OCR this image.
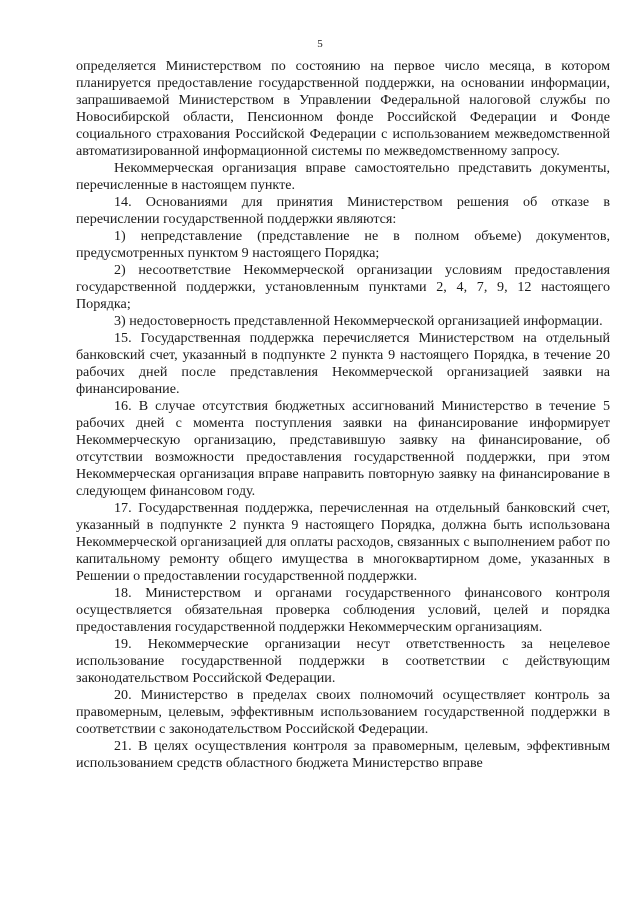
5

определяется Министерством по состоянию на первое число месяца, в котором планируется предоставление государственной поддержки, на основании информации, запрашиваемой Министерством в Управлении Федеральной налоговой службы по Новосибирской области, Пенсионном фонде Российской Федерации и Фонде социального страхования Российской Федерации с использованием межведомственной автоматизированной информационной системы по межведомственному запросу.

Некоммерческая организация вправе самостоятельно представить документы, перечисленные в настоящем пункте.

14. Основаниями для принятия Министерством решения об отказе в перечислении государственной поддержки являются:

1) непредставление (представление не в полном объеме) документов, предусмотренных пунктом 9 настоящего Порядка;

2) несоответствие Некоммерческой организации условиям предоставления государственной поддержки, установленным пунктами 2, 4, 7, 9, 12 настоящего Порядка;

3) недостоверность представленной Некоммерческой организацией информации.

15. Государственная поддержка перечисляется Министерством на отдельный банковский счет, указанный в подпункте 2 пункта 9 настоящего Порядка, в течение 20 рабочих дней после представления Некоммерческой организацией заявки на финансирование.

16. В случае отсутствия бюджетных ассигнований Министерство в течение 5 рабочих дней с момента поступления заявки на финансирование информирует Некоммерческую организацию, представившую заявку на финансирование, об отсутствии возможности предоставления государственной поддержки, при этом Некоммерческая организация вправе направить повторную заявку на финансирование в следующем финансовом году.

17. Государственная поддержка, перечисленная на отдельный банковский счет, указанный в подпункте 2 пункта 9 настоящего Порядка, должна быть использована Некоммерческой организацией для оплаты расходов, связанных с выполнением работ по капитальному ремонту общего имущества в многоквартирном доме, указанных в Решении о предоставлении государственной поддержки.

18. Министерством и органами государственного финансового контроля осуществляется обязательная проверка соблюдения условий, целей и порядка предоставления государственной поддержки Некоммерческим организациям.

19. Некоммерческие организации несут ответственность за нецелевое использование государственной поддержки в соответствии с действующим законодательством Российской Федерации.

20. Министерство в пределах своих полномочий осуществляет контроль за правомерным, целевым, эффективным использованием государственной поддержки в соответствии с законодательством Российской Федерации.

21. В целях осуществления контроля за правомерным, целевым, эффективным использованием средств областного бюджета Министерство вправе
